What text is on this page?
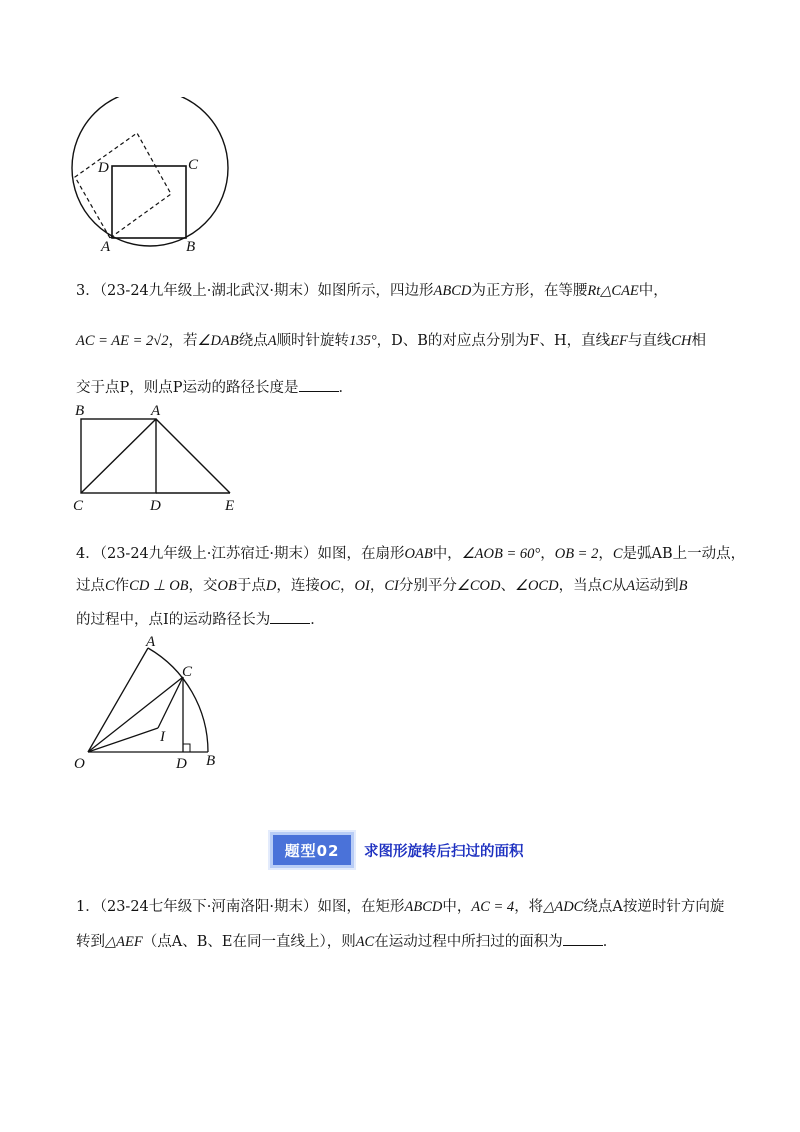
D	C
A	B
3．（23-24九年级上·湖北武汉·期末）如图所示，四边形ABCD为正方形，在等腰Rt△CAE中，
AC = AE = 2√2，若∠DAB绕点A顺时针旋转135°，D、B的对应点分别为F、H，直线EF与直线CH相
交于点P，则点P运动的路径长度是	．
B	A
C	D	E
4．（23-24九年级上·江苏宿迁·期末）如图，在扇形OAB中，∠AOB = 60°，OB = 2，C是弧AB上一动点，
过点C作CD ⊥ OB，交OB于点D，连接OC，OI，CI分别平分∠COD、∠OCD，当点C从A运动到B
的过程中，点I的运动路径长为	．
A
C
I
O	D B
题型02	求图形旋转后扫过的面积
1．（23-24七年级下·河南洛阳·期末）如图，在矩形ABCD中，AC = 4，将△ADC绕点A按逆时针方向旋
转到△AEF（点A、B、E在同一直线上），则AC在运动过程中所扫过的面积为	．
